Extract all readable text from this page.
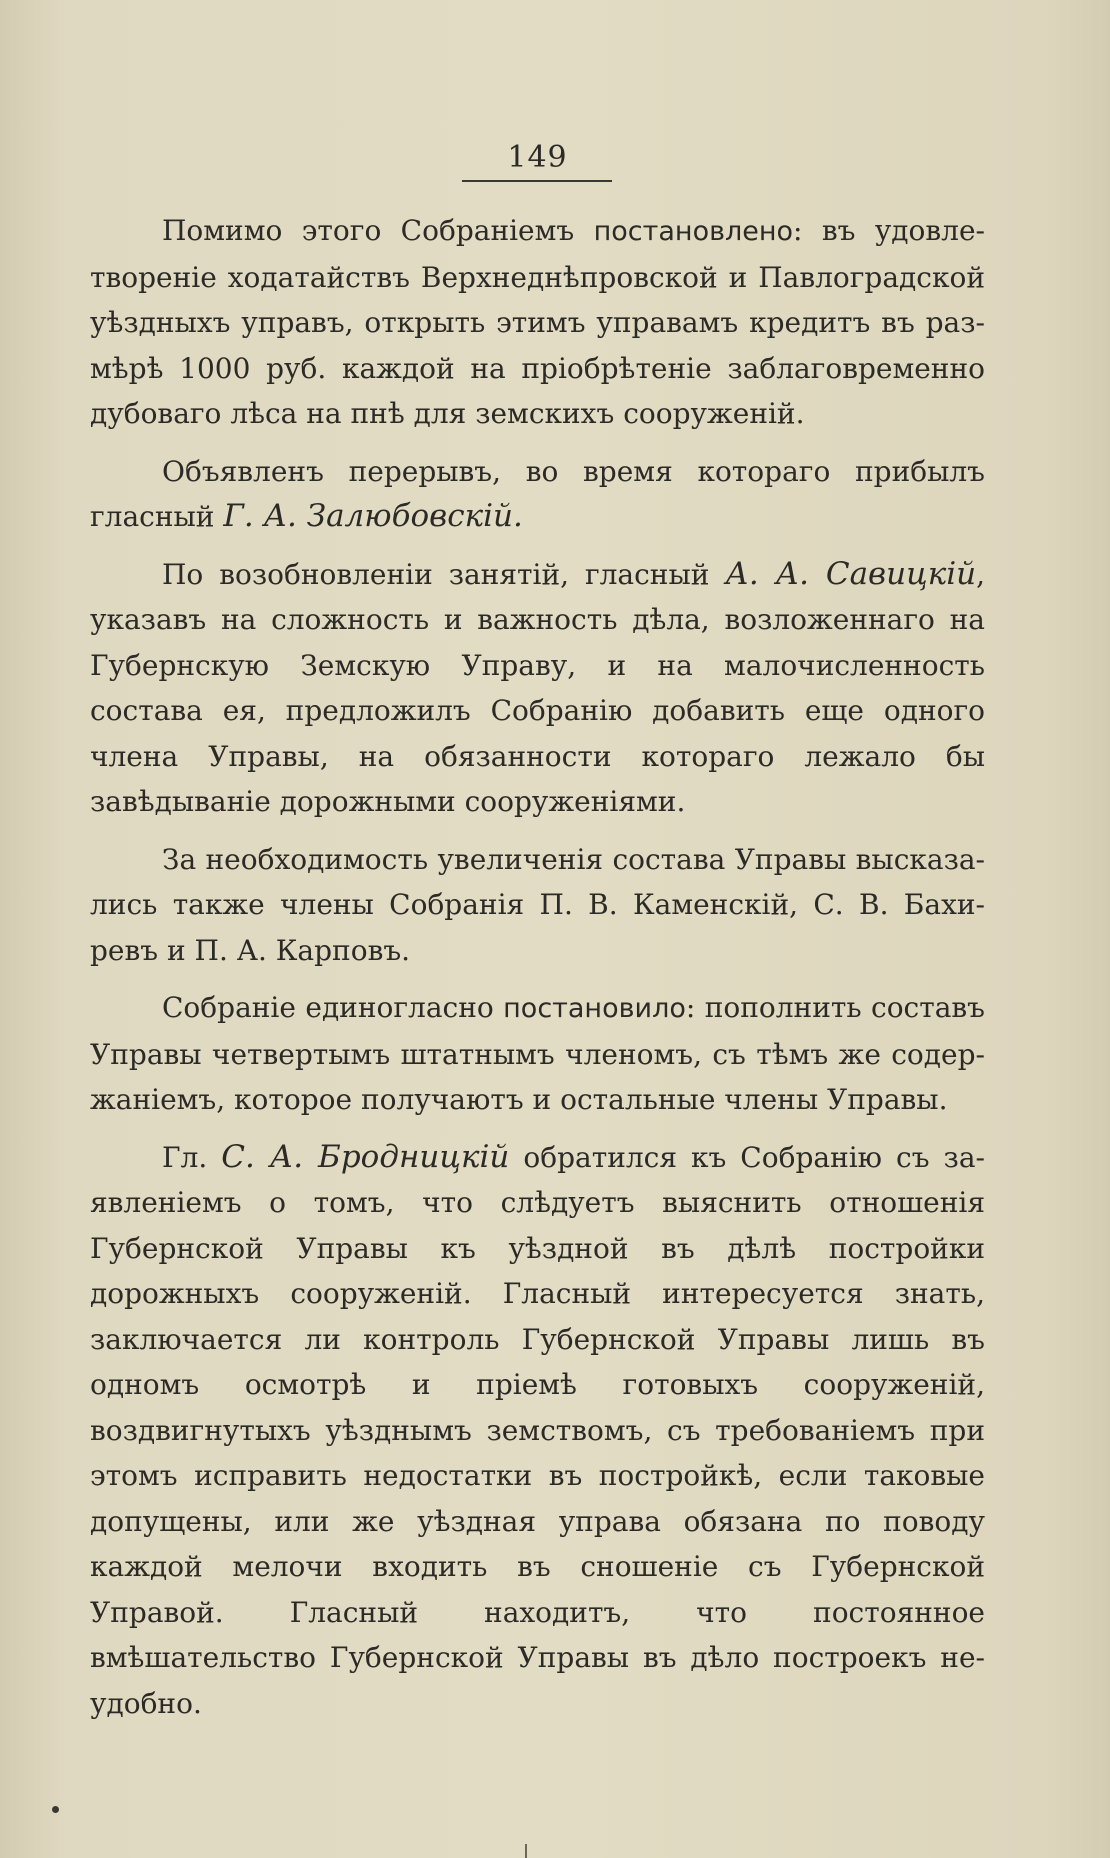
149

Помимо этого Собраніемъ постановлено: въ удовлетвореніе ходатайствъ Верхнеднѣпровской и Павлоградской уѣздныхъ управъ, открыть этимъ управамъ кредитъ въ размѣрѣ 1000 руб. каждой на пріобрѣтеніе заблаговременно дубоваго лѣса на пнѣ для земскихъ сооруженій.

Объявленъ перерывъ, во время котораго прибылъ гласный Г. А. Залюбовскій.

По возобновленіи занятій, гласный А. А. Савицкій, указавъ на сложность и важность дѣла, возложеннаго на Губернскую Земскую Управу, и на малочисленность состава ея, предложилъ Собранію добавить еще одного члена Управы, на обязанности котораго лежало бы завѣдываніе дорожными сооруженіями.

За необходимость увеличенія состава Управы высказались также члены Собранія П. В. Каменскій, С. В. Бахиревъ и П. А. Карповъ.

Собраніе единогласно постановило: пополнить составъ Управы четвертымъ штатнымъ членомъ, съ тѣмъ же содержаніемъ, которое получаютъ и остальные члены Управы.

Гл. С. А. Бродницкій обратился къ Собранію съ заявленіемъ о томъ, что слѣдуетъ выяснить отношенія Губернской Управы къ уѣздной въ дѣлѣ постройки дорожныхъ сооруженій. Гласный интересуется знать, заключается ли контроль Губернской Управы лишь въ одномъ осмотрѣ и пріемѣ готовыхъ сооруженій, воздвигнутыхъ уѣзднымъ земствомъ, съ требованіемъ при этомъ исправить недостатки въ постройкѣ, если таковые допущены, или же уѣздная управа обязана по поводу каждой мелочи входить въ сношеніе съ Губернской Управой. Гласный находитъ, что постоянное вмѣшательство Губернской Управы въ дѣло построекъ неудобно.
